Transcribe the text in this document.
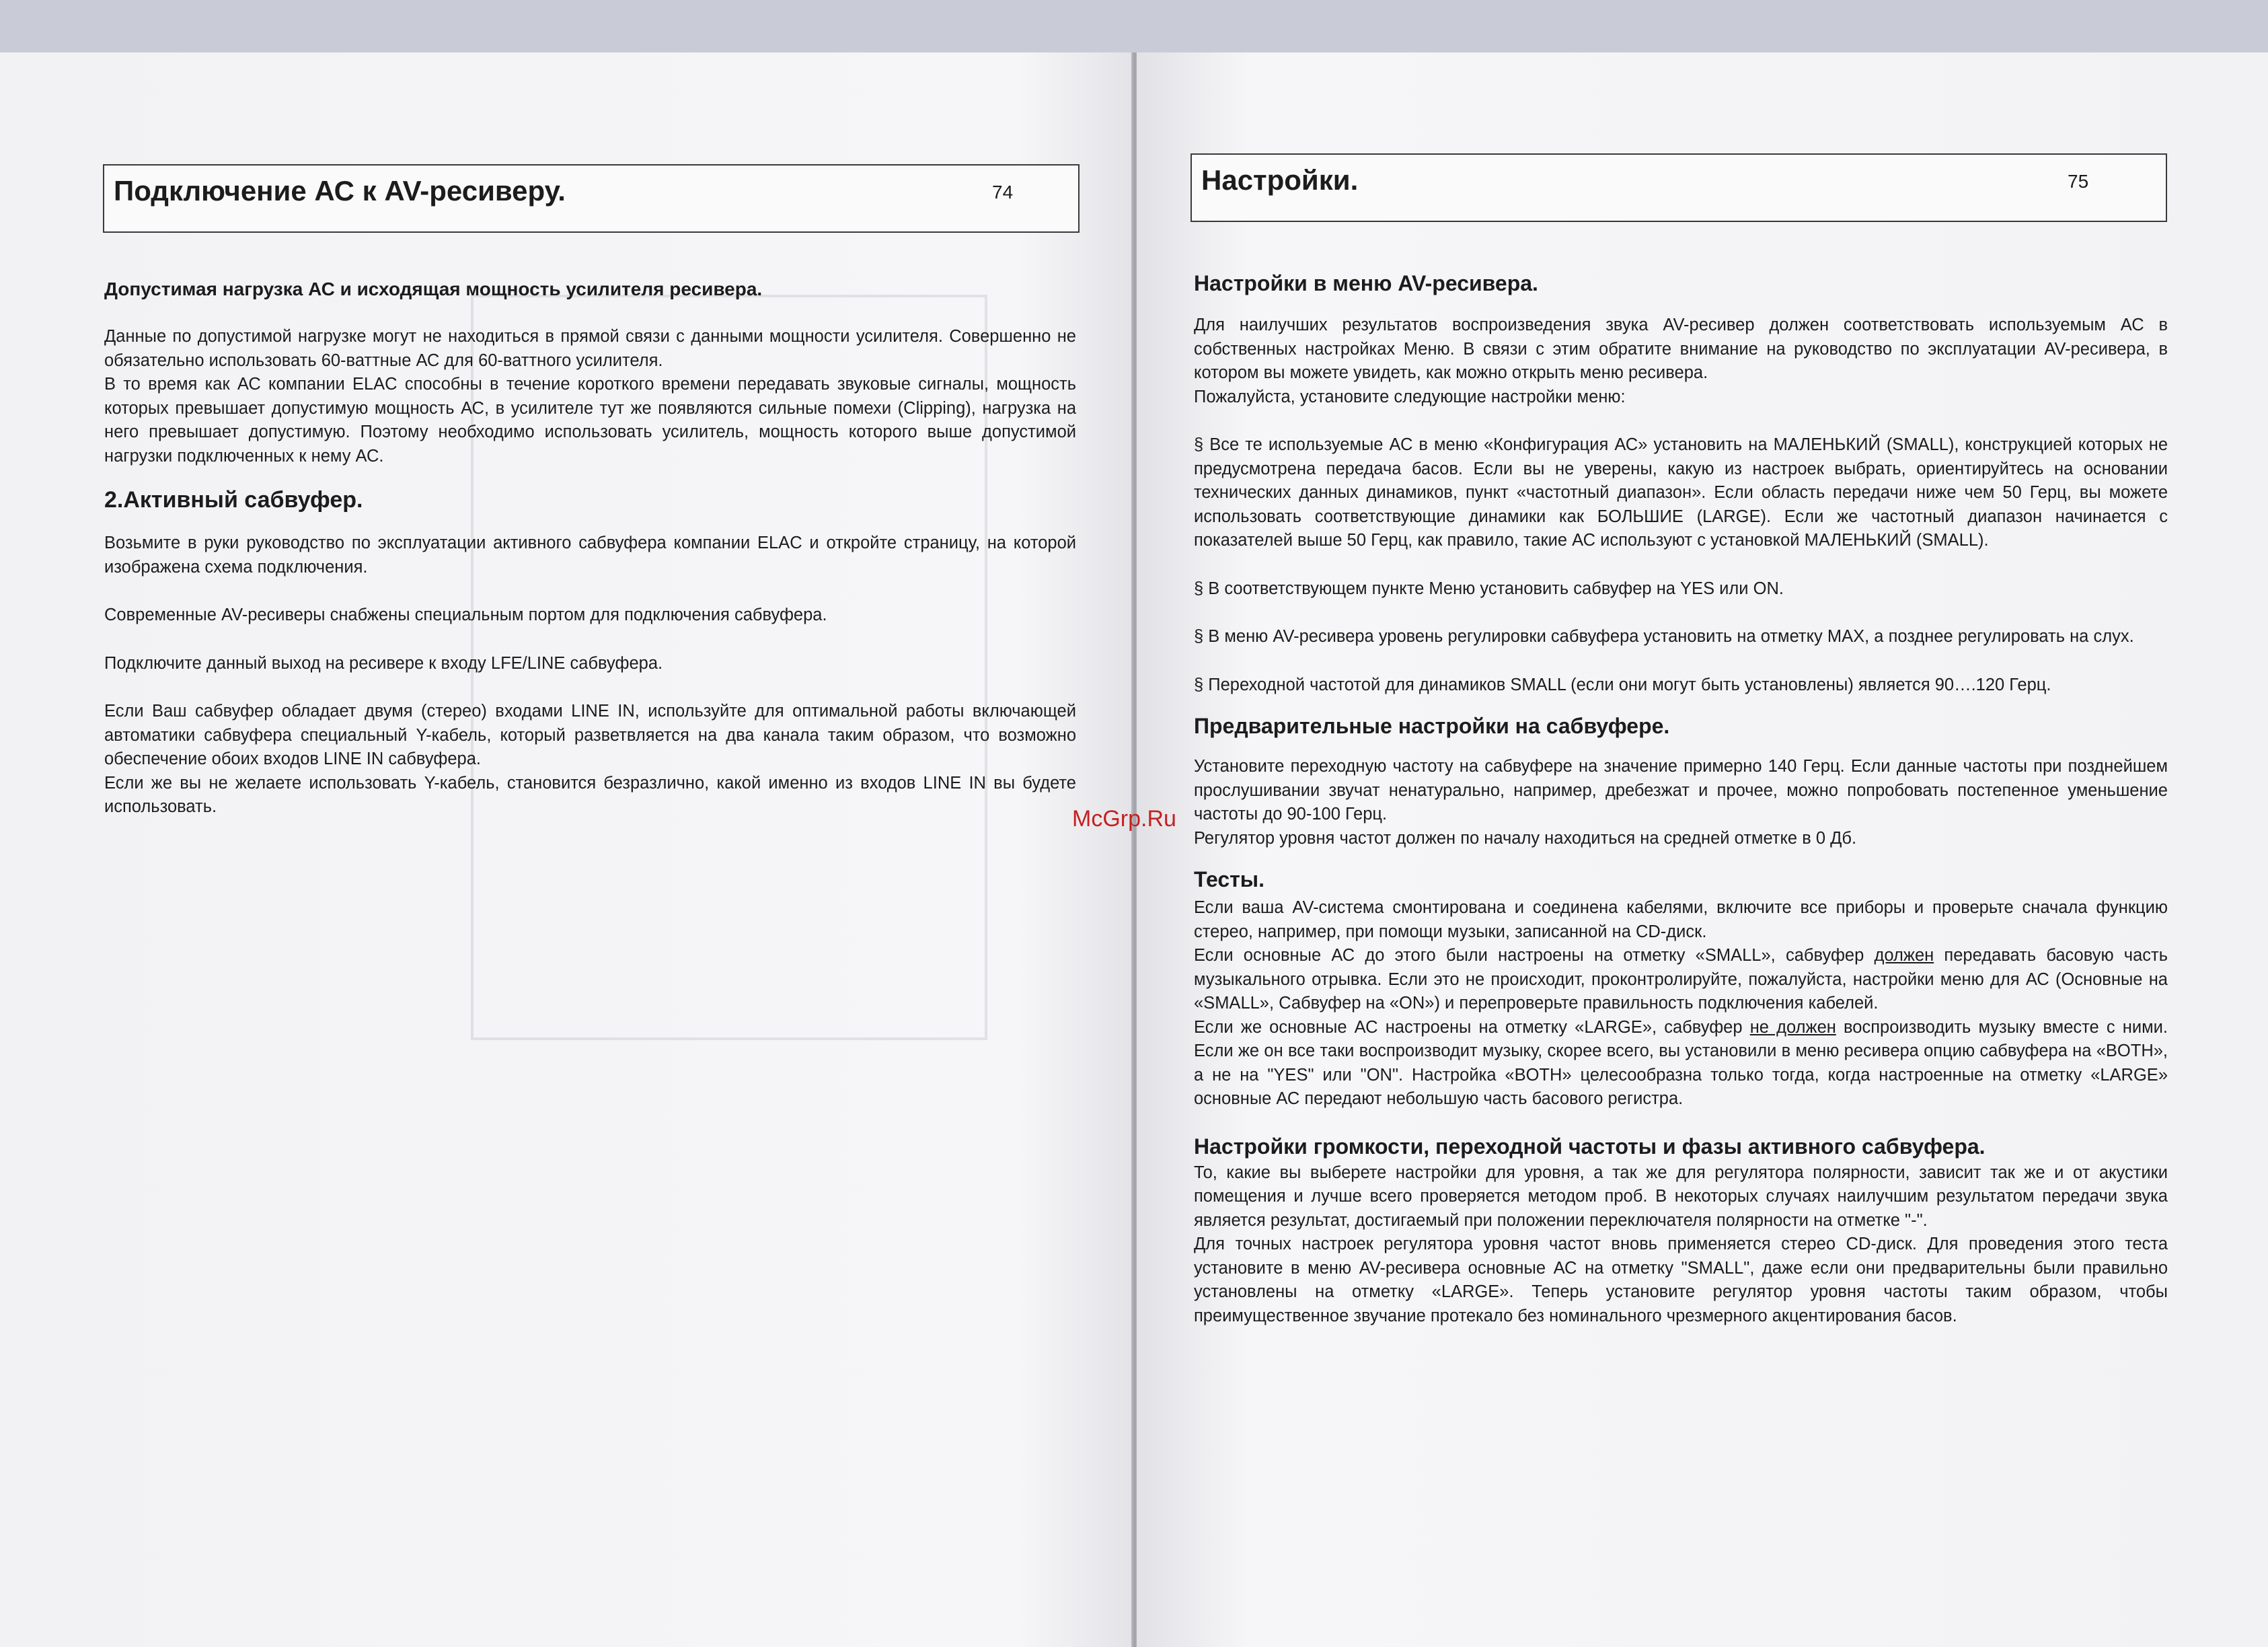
Подключение АС к AV-ресиверу.	74
Допустимая нагрузка АС и исходящая мощность усилителя ресивера.

Данные по допустимой нагрузке могут не находиться в прямой связи с данными мощности усилителя. Совершенно не обязательно использовать 60-ваттные АС для 60-ваттного усилителя.

В то время как АС компании ELAC способны в течение короткого времени передавать звуковые сигналы, мощность которых превышает допустимую мощность АС, в усилителе тут же появляются сильные помехи (Clipping), нагрузка на него превышает допустимую. Поэтому необходимо использовать усилитель, мощность которого выше допустимой нагрузки подключенных к нему АС.

2.Активный сабвуфер.

Возьмите в руки руководство по эксплуатации активного сабвуфера компании ELAC и откройте страницу, на которой изображена схема подключения.

Современные AV-ресиверы снабжены специальным портом для подключения сабвуфера.

Подключите данный выход на ресивере к входу LFE/LINE сабвуфера.

Если Ваш сабвуфер обладает двумя (стерео) входами LINE IN, используйте для оптимальной работы включающей автоматики сабвуфера специальный Y-кабель, который разветвляется на два канала таким образом, что возможно обеспечение обоих входов LINE IN сабвуфера.

Если же вы не желаете использовать Y-кабель, становится безразлично, какой именно из входов LINE IN вы будете использовать.

Настройки.	75
Настройки в меню AV-ресивера.

Для наилучших результатов воспроизведения звука AV-ресивер должен соответствовать используемым АС в собственных настройках Меню. В связи с этим обратите внимание на руководство по эксплуатации AV-ресивера, в котором вы можете увидеть, как можно открыть меню ресивера.

Пожалуйста, установите следующие настройки меню:

§ Все те используемые АС в меню «Конфигурация АС» установить на МАЛЕНЬКИЙ (SMALL), конструкцией которых не предусмотрена передача басов. Если вы не уверены, какую из настроек выбрать, ориентируйтесь на основании технических данных динамиков, пункт «частотный диапазон». Если область передачи ниже чем 50 Герц, вы можете использовать соответствующие динамики как БОЛЬШИЕ (LARGE). Если же частотный диапазон начинается с показателей выше 50 Герц, как правило, такие АС используют с установкой МАЛЕНЬКИЙ (SMALL).

§ В соответствующем пункте Меню установить сабвуфер на YES или ON.

§ В меню AV-ресивера уровень регулировки сабвуфера установить на отметку MAX, а позднее регулировать на слух.

§ Переходной частотой для динамиков SMALL (если они могут быть установлены) является 90….120 Герц.

Предварительные настройки на сабвуфере.

Установите переходную частоту на сабвуфере на значение примерно 140 Герц. Если данные частоты при позднейшем прослушивании звучат ненатурально, например, дребезжат и прочее, можно попробовать постепенное уменьшение частоты до 90-100 Герц.

Регулятор уровня частот должен по началу находиться на средней отметке в 0 Дб.

Тесты.

Если ваша AV-система смонтирована и соединена кабелями, включите все приборы и проверьте сначала функцию стерео, например, при помощи музыки, записанной на CD-диск.

Если основные АС до этого были настроены на отметку «SMALL», сабвуфер должен передавать басовую часть музыкального отрывка. Если это не происходит, проконтролируйте, пожалуйста, настройки меню для АС (Основные на «SMALL», Сабвуфер на «ON») и перепроверьте правильность подключения кабелей.

Если же основные АС настроены на отметку «LARGE», сабвуфер не должен воспроизводить музыку вместе с ними. Если же он все таки воспроизводит музыку, скорее всего, вы установили в меню ресивера опцию сабвуфера на «BOTH», а не на "YES" или "ON". Настройка «BOTH» целесообразна только тогда, когда настроенные на отметку «LARGE» основные АС передают небольшую часть басового регистра.

Настройки громкости, переходной частоты и фазы активного сабвуфера.

То, какие вы выберете настройки для уровня, а так же для регулятора полярности, зависит так же и от акустики помещения и лучше всего проверяется методом проб. В некоторых случаях наилучшим результатом передачи звука является результат, достигаемый при положении переключателя полярности на отметке "-".

Для точных настроек регулятора уровня частот вновь применяется стерео CD-диск. Для проведения этого теста установите в меню AV-ресивера основные АС на отметку "SMALL", даже если они предварительны были правильно установлены на отметку «LARGE». Теперь установите регулятор уровня частоты таким образом, чтобы преимущественное звучание протекало без номинального чрезмерного акцентирования басов.

McGrp.Ru
